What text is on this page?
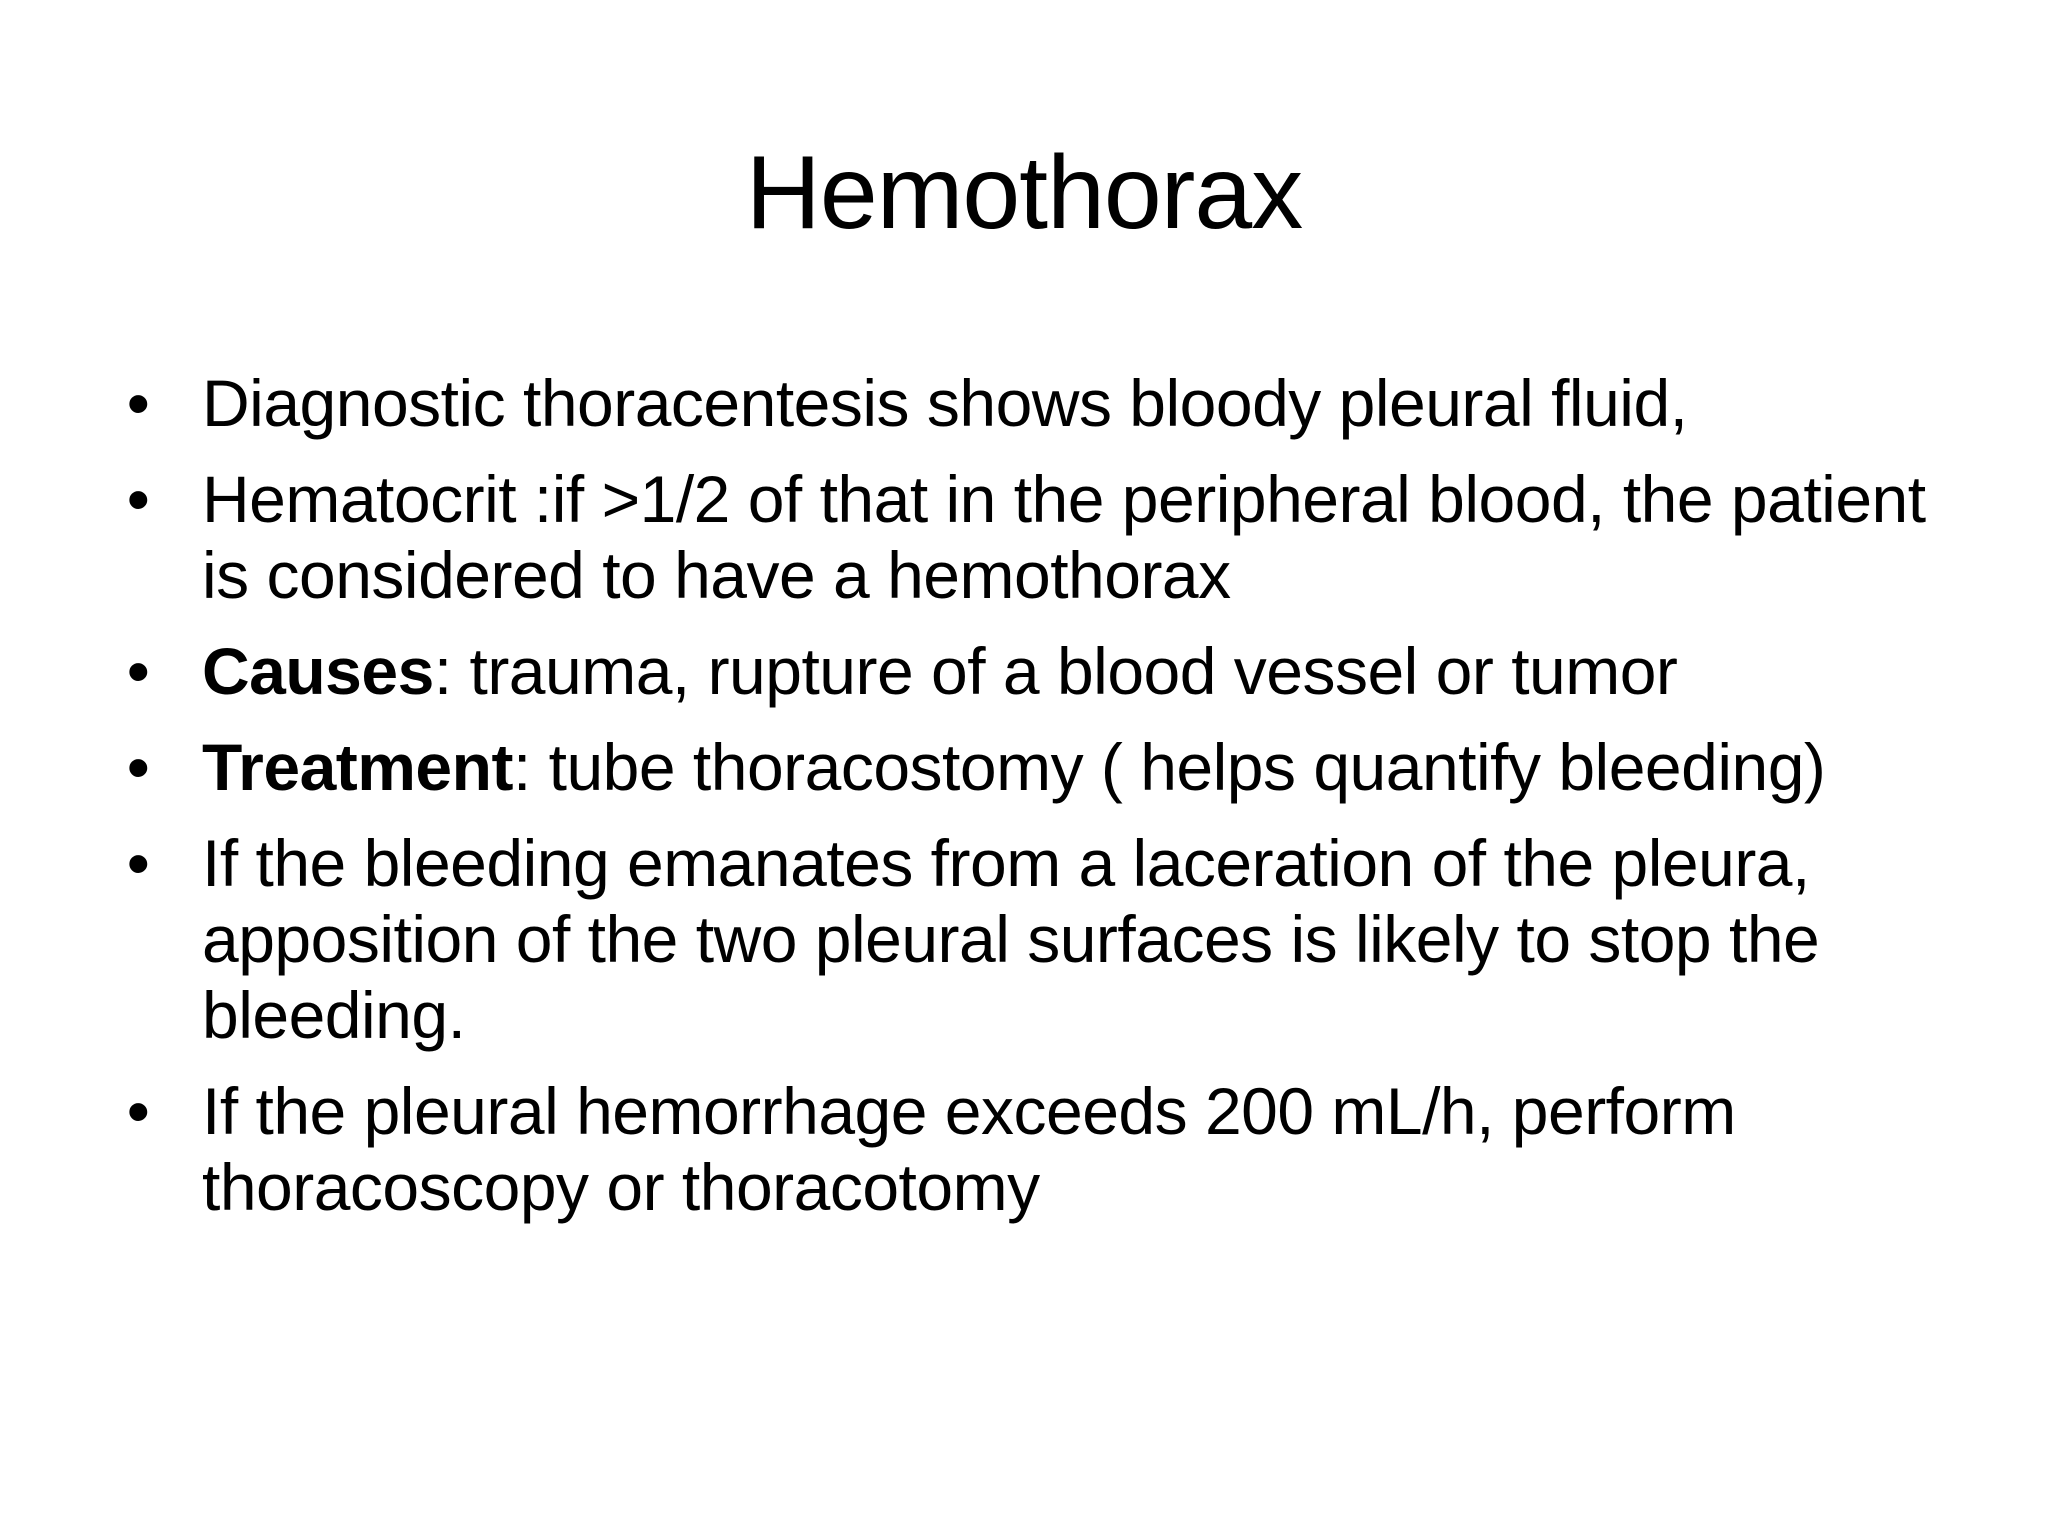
Hemothorax
• Diagnostic thoracentesis shows bloody pleural fluid,
• Hematocrit :if >1/2 of that in the peripheral blood, the patient is considered to have a hemothorax
• Causes: trauma, rupture of a blood vessel or tumor
• Treatment: tube thoracostomy ( helps quantify bleeding)
• If the bleeding emanates from a laceration of the pleura, apposition of the two pleural surfaces is likely to stop the bleeding.
• If the pleural hemorrhage exceeds 200 mL/h, perform thoracoscopy or thoracotomy
